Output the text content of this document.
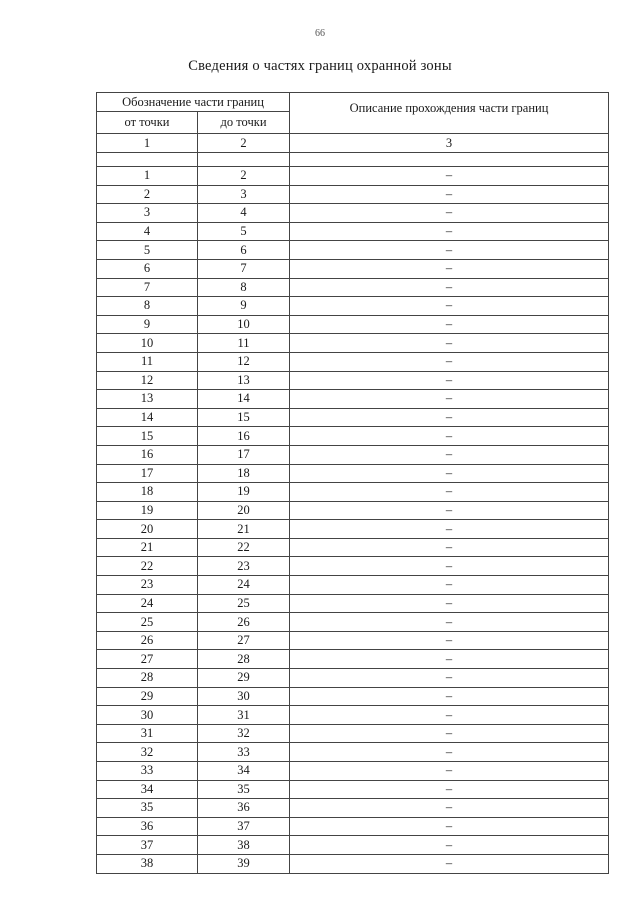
66
Сведения о частях границ охранной зоны
Обозначение части границ		Описание прохождения части границ
от точки	до точки	
1	2	3

1	2	–
2	3	–
3	4	–
4	5	–
5	6	–
6	7	–
7	8	–
8	9	–
9	10	–
10	11	–
11	12	–
12	13	–
13	14	–
14	15	–
15	16	–
16	17	–
17	18	–
18	19	–
19	20	–
20	21	–
21	22	–
22	23	–
23	24	–
24	25	–
25	26	–
26	27	–
27	28	–
28	29	–
29	30	–
30	31	–
31	32	–
32	33	–
33	34	–
34	35	–
35	36	–
36	37	–
37	38	–
38	39	–
